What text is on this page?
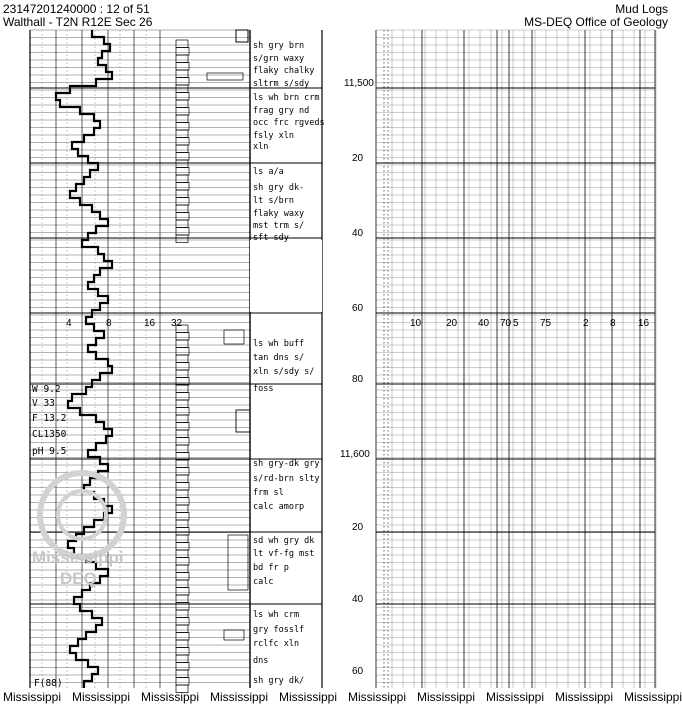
23147201240000 : 12 of 51
Walthall - T2N R12E Sec 26
Mud Logs
MS-DEQ Office of Geology
11,500
20
40
60
80
11,600
20
40
60
sh gry brn
s/grn waxy
flaky chalky
sltrm s/sdy
ls wh brn crm
frag gry nd
occ frc rgveds
fsly xln
xln
ls a/a
sh gry dk-
lt s/brn
flaky waxy
mst trm s/
sft sdy
ls wh buff
tan dns s/
xln s/sdy s/
foss
sh gry-dk gry
s/rd-brn slty
frm sl
calc amorp
sd wh gry dk
lt vf-fg mst
bd fr p
calc
ls wh crm
gry fosslf
rclfc xln
dns
sh gry dk/
W 9.2
V 33
F 13.2
CL1350
pH 9.5
4	8	16 32	10 20 40 70 5 75	2 8 16
F(88)
Mississippi
DEQ
Mississippi Mississippi Mississippi Mississippi Mississippi Mississippi Mississippi Mississippi Mississippi Mississippi
